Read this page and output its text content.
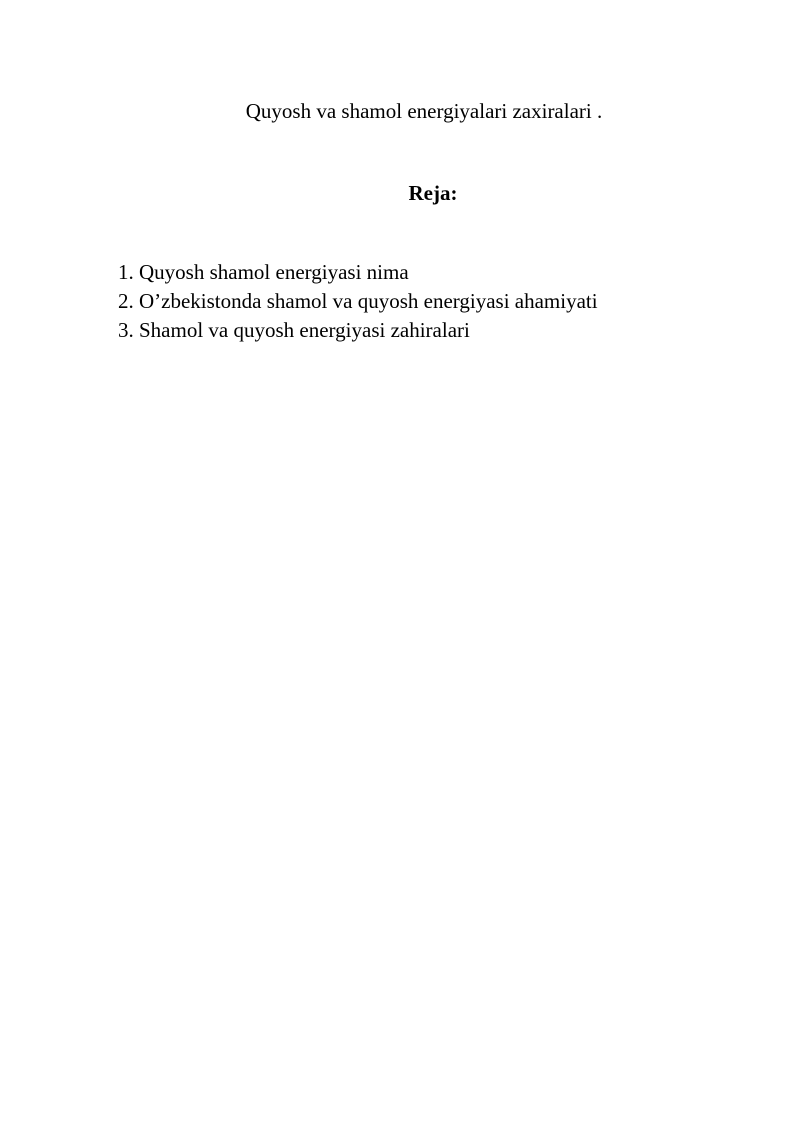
Quyosh va shamol energiyalari zaxiralari .
Reja:
1. Quyosh shamol energiyasi nima
2. O’zbekistonda shamol va quyosh energiyasi ahamiyati
3. Shamol va quyosh energiyasi zahiralari
